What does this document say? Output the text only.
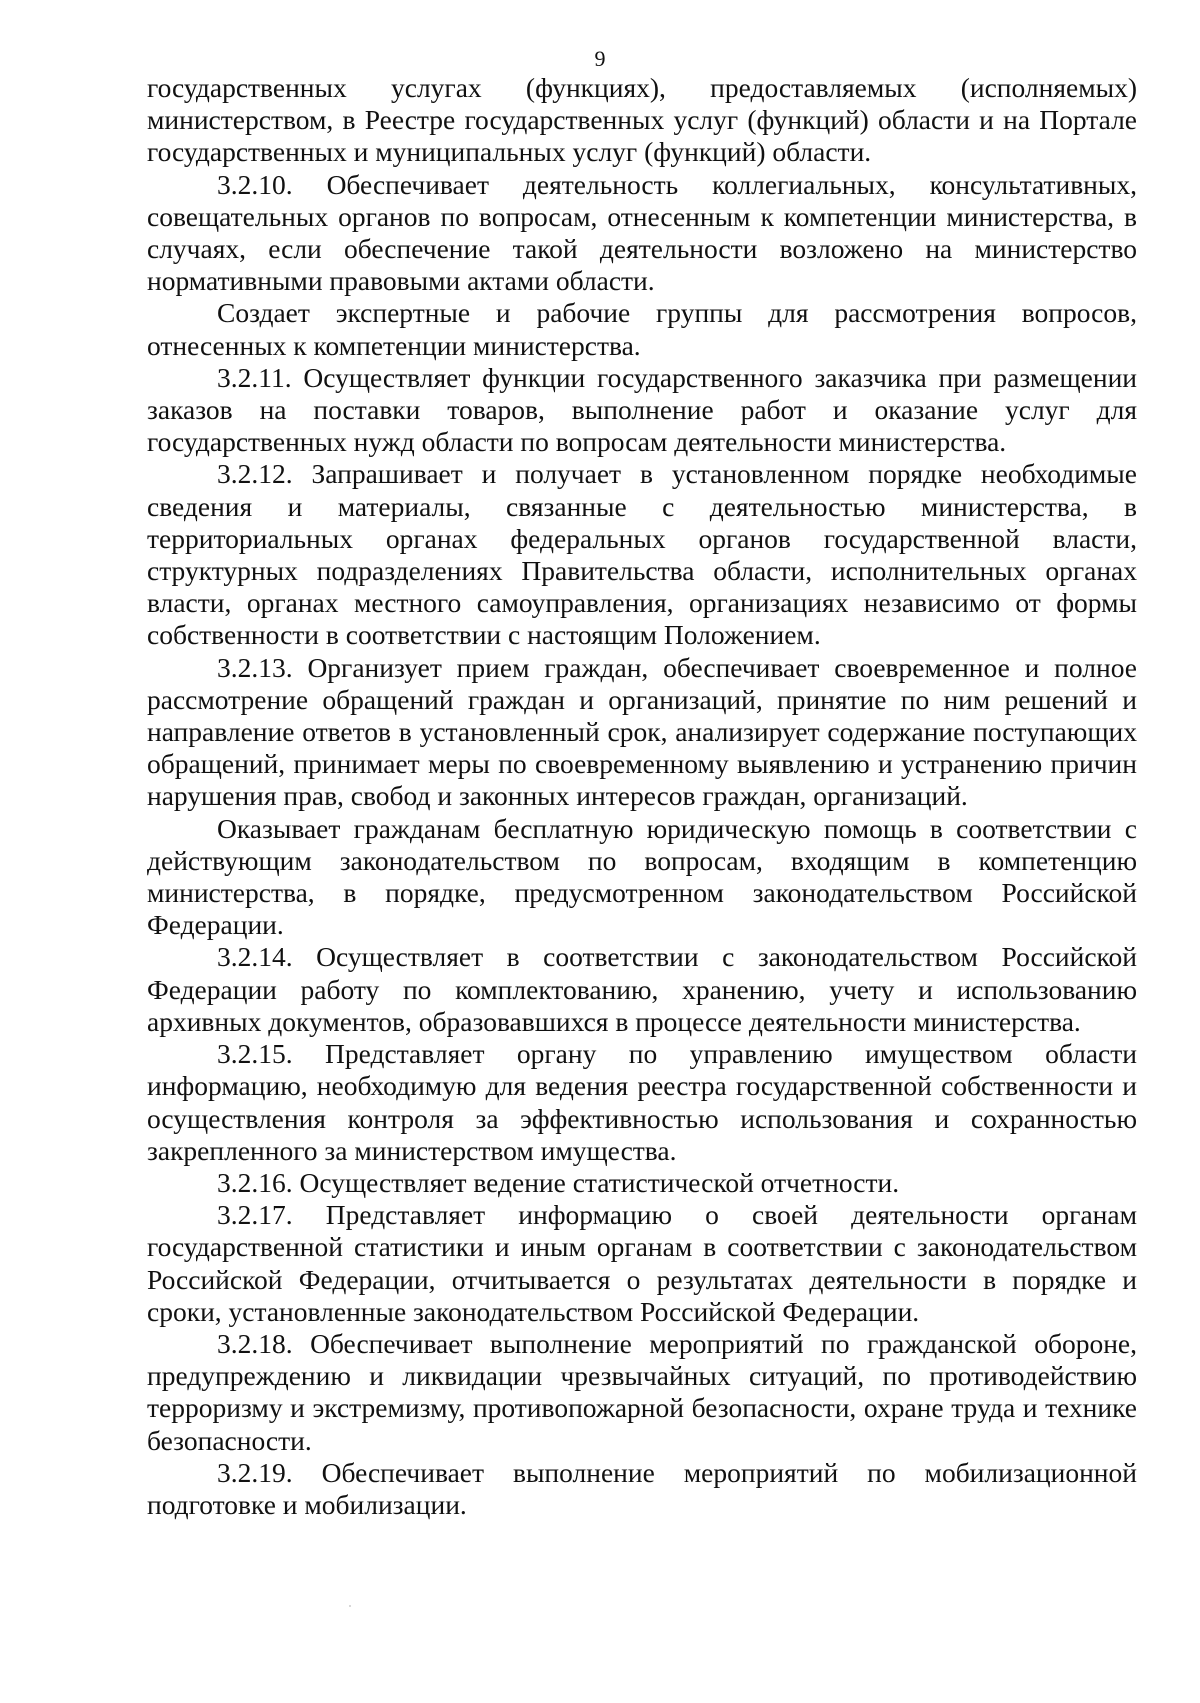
9

государственных услугах (функциях), предоставляемых (исполняемых) министерством, в Реестре государственных услуг (функций) области и на Портале государственных и муниципальных услуг (функций) области.

3.2.10. Обеспечивает деятельность коллегиальных, консультативных, совещательных органов по вопросам, отнесенным к компетенции министерства, в случаях, если обеспечение такой деятельности возложено на министерство нормативными правовыми актами области.

Создает экспертные и рабочие группы для рассмотрения вопросов, отнесенных к компетенции министерства.

3.2.11. Осуществляет функции государственного заказчика при размещении заказов на поставки товаров, выполнение работ и оказание услуг для государственных нужд области по вопросам деятельности министерства.

3.2.12. Запрашивает и получает в установленном порядке необходимые сведения и материалы, связанные с деятельностью министерства, в территориальных органах федеральных органов государственной власти, структурных подразделениях Правительства области, исполнительных органах власти, органах местного самоуправления, организациях независимо от формы собственности в соответствии с настоящим Положением.

3.2.13. Организует прием граждан, обеспечивает своевременное и полное рассмотрение обращений граждан и организаций, принятие по ним решений и направление ответов в установленный срок, анализирует содержание поступающих обращений, принимает меры по своевременному выявлению и устранению причин нарушения прав, свобод и законных интересов граждан, организаций.

Оказывает гражданам бесплатную юридическую помощь в соответствии с действующим законодательством по вопросам, входящим в компетенцию министерства, в порядке, предусмотренном законодательством Российской Федерации.

3.2.14. Осуществляет в соответствии с законодательством Российской Федерации работу по комплектованию, хранению, учету и использованию архивных документов, образовавшихся в процессе деятельности министерства.

3.2.15. Представляет органу по управлению имуществом области информацию, необходимую для ведения реестра государственной собственности и осуществления контроля за эффективностью использования и сохранностью закрепленного за министерством имущества.

3.2.16. Осуществляет ведение статистической отчетности.

3.2.17. Представляет информацию о своей деятельности органам государственной статистики и иным органам в соответствии с законодательством Российской Федерации, отчитывается о результатах деятельности в порядке и сроки, установленные законодательством Российской Федерации.

3.2.18. Обеспечивает выполнение мероприятий по гражданской обороне, предупреждению и ликвидации чрезвычайных ситуаций, по противодействию терроризму и экстремизму, противопожарной безопасности, охране труда и технике безопасности.

3.2.19. Обеспечивает выполнение мероприятий по мобилизационной подготовке и мобилизации.
